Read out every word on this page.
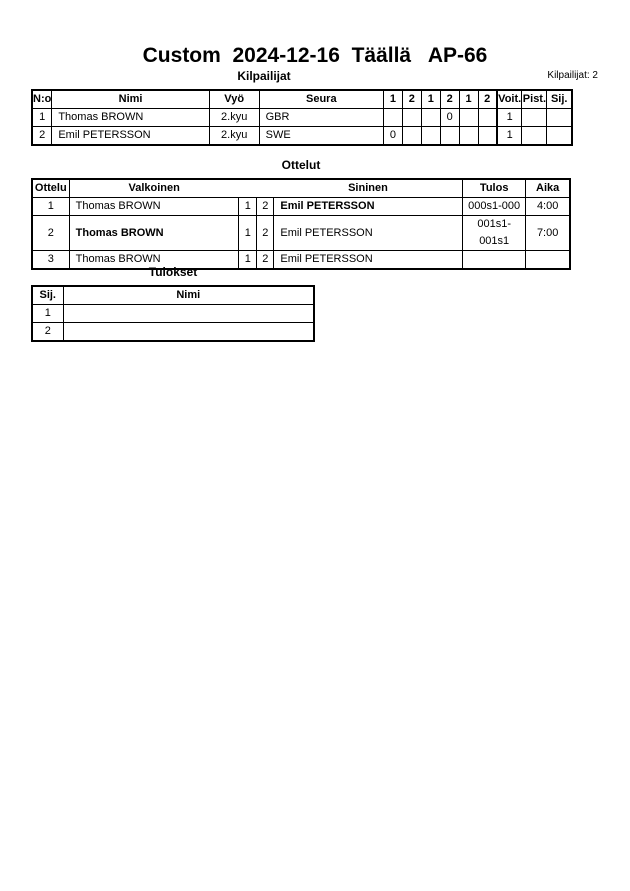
Custom  2024-12-16  Täällä   AP-66
Kilpailijat	Kilpailijat: 2
N:o	Nimi	Vyö	Seura	1	2	1	2	1	2	Voit.	Pist.	Sij.
1	Thomas BROWN	2.kyu	GBR				0			1		
2	Emil PETERSSON	2.kyu	SWE	0						1		
Ottelut
Ottelu	Valkoinen			Sininen	Tulos	Aika
1	Thomas BROWN	1	2	Emil PETERSSON	000s1-000	4:00
2	Thomas BROWN	1	2	Emil PETERSSON	001s1-001s1	7:00
3	Thomas BROWN	1	2	Emil PETERSSON		
Tulokset
Sij.	Nimi
1	
2	
